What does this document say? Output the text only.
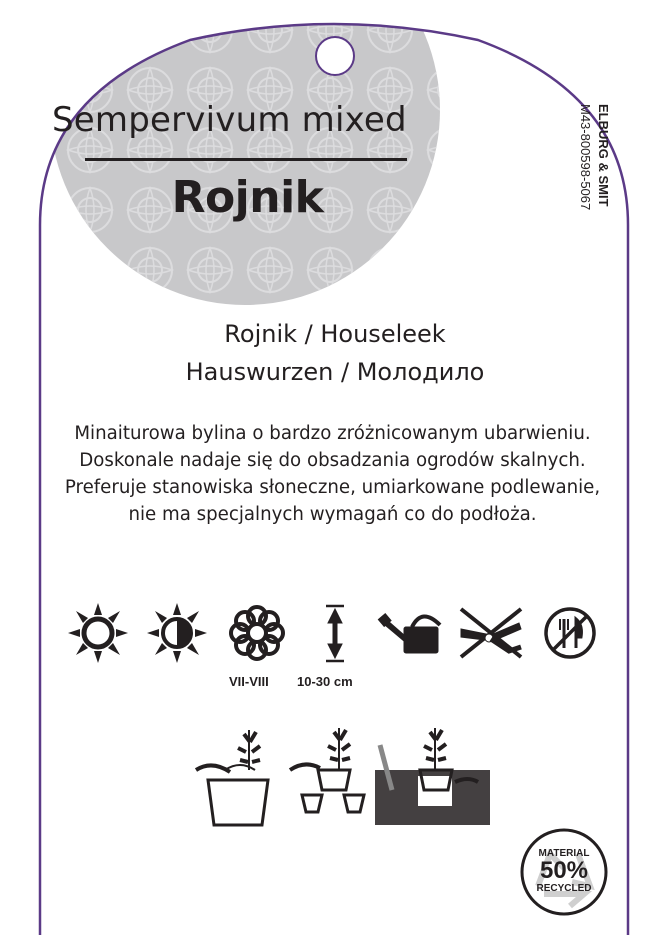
Sempervivum mixed
Rojnik	ELBURG & SMIT
M43-800598-5067
Rojnik / Houseleek
Hauswurzen / Молодило
Minaiturowa bylina o bardzo zróżnicowanym ubarwieniu. Doskonale nadaje się do obsadzania ogrodów skalnych. Preferuje stanowiska słoneczne, umiarkowane podlewanie, nie ma specjalnych wymagań co do podłoża.
VII-VIII 10-30 cm
MATERIAL
50%
RECYCLED
